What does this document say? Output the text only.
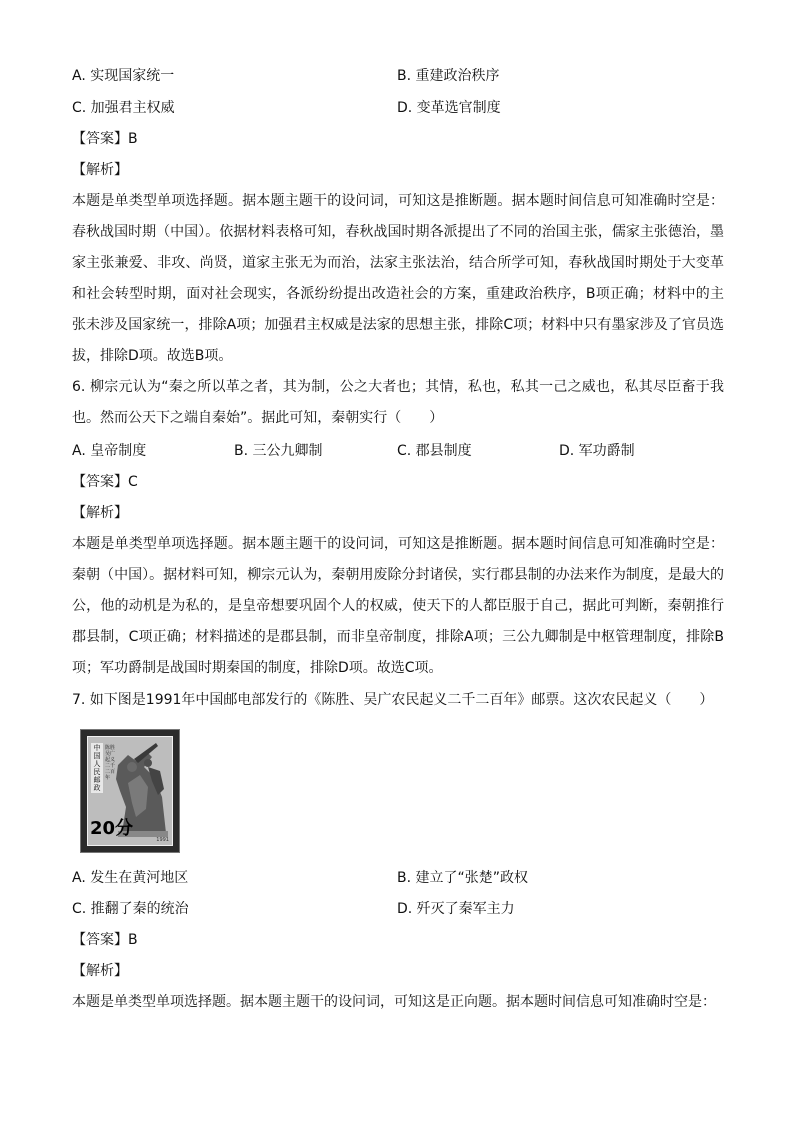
A. 实现国家统一	B. 重建政治秩序
C. 加强君主权威	D. 变革选官制度
【答案】B
【解析】
本题是单类型单项选择题。据本题主题干的设问词，可知这是推断题。据本题时间信息可知准确时空是：春秋战国时期（中国）。依据材料表格可知，春秋战国时期各派提出了不同的治国主张，儒家主张德治，墨家主张兼爱、非攻、尚贤，道家主张无为而治，法家主张法治，结合所学可知，春秋战国时期处于大变革和社会转型时期，面对社会现实，各派纷纷提出改造社会的方案，重建政治秩序，B项正确；材料中的主张未涉及国家统一，排除A项；加强君主权威是法家的思想主张，排除C项；材料中只有墨家涉及了官员选拔，排除D项。故选B项。
6. 柳宗元认为“秦之所以革之者，其为制，公之大者也；其情，私也，私其一己之威也，私其尽臣畜于我也。然而公天下之端自秦始”。据此可知，秦朝实行（　　）
A. 皇帝制度	B. 三公九卿制	C. 郡县制度	D. 军功爵制
【答案】C
【解析】
本题是单类型单项选择题。据本题主题干的设问词，可知这是推断题。据本题时间信息可知准确时空是：秦朝（中国）。据材料可知，柳宗元认为，秦朝用废除分封诸侯，实行郡县制的办法来作为制度，是最大的公，他的动机是为私的，是皇帝想要巩固个人的权威，使天下的人都臣服于自己，据此可判断，秦朝推行郡县制，C项正确；材料描述的是郡县制，而非皇帝制度，排除A项；三公九卿制是中枢管理制度，排除B项；军功爵制是战国时期秦国的制度，排除D项。故选C项。
7. 如下图是1991年中国邮电部发行的《陈胜、吴广农民起义二千二百年》邮票。这次农民起义（　　）
中国人民邮政
陈胜吴广起义二千二百年
20分
1991
A. 发生在黄河地区	B. 建立了“张楚”政权
C. 推翻了秦的统治	D. 歼灭了秦军主力
【答案】B
【解析】
本题是单类型单项选择题。据本题主题干的设问词，可知这是正向题。据本题时间信息可知准确时空是：
